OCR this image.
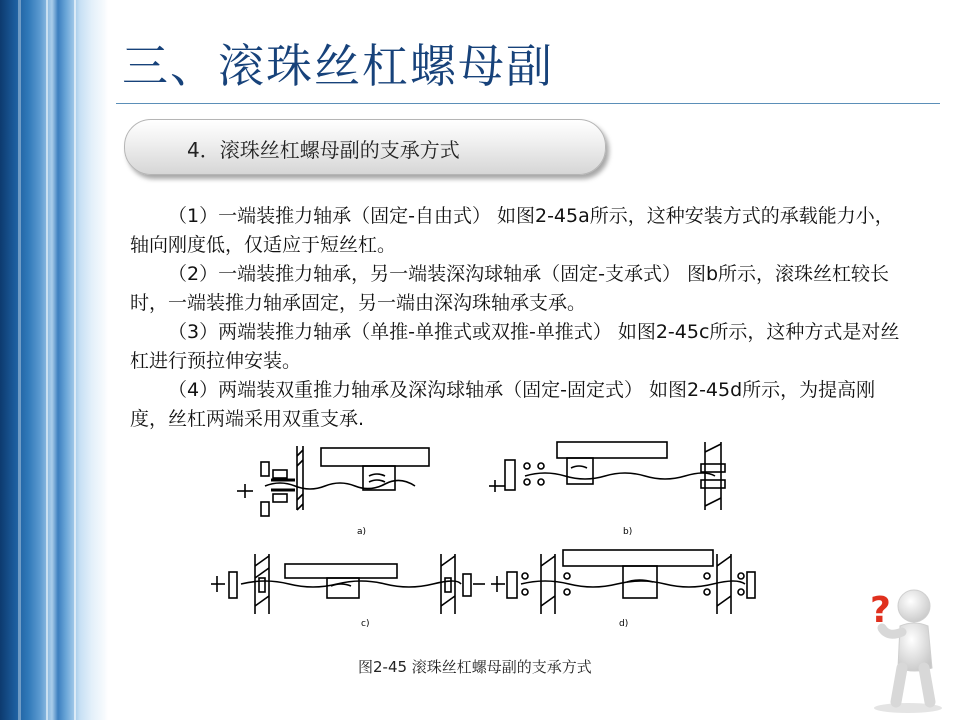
三、滚珠丝杠螺母副
4．滚珠丝杠螺母副的支承方式

（1）一端装推力轴承（固定-自由式） 如图2-45a所示，这种安装方式的承载能力小，轴向刚度低，仅适应于短丝杠。

（2）一端装推力轴承，另一端装深沟球轴承（固定-支承式） 图b所示，滚珠丝杠较长时，一端装推力轴承固定，另一端由深沟珠轴承支承。

（3）两端装推力轴承（单推-单推式或双推-单推式） 如图2-45c所示，这种方式是对丝杠进行预拉伸安装。

（4）两端装双重推力轴承及深沟球轴承（固定-固定式） 如图2-45d所示，为提高刚度，丝杠两端采用双重支承.

a)	b)
c)	d)
图2-45 滚珠丝杠螺母副的支承方式
?
